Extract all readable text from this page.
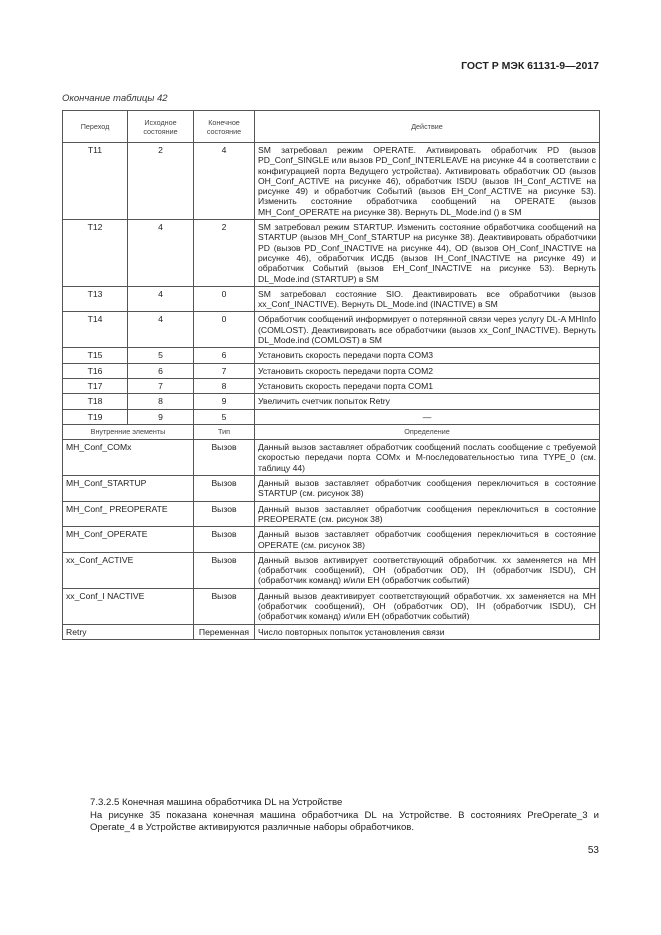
ГОСТ Р МЭК 61131-9—2017
Окончание таблицы 42
Переход	Исходное состояние	Конечное состояние	Действие
T11	2	4	SM затребовал режим OPERATE. Активировать обработчик PD (вызов PD_Conf_SINGLE или вызов PD_Conf_INTERLEAVE на рисунке 44 в соответствии с конфигурацией порта Ведущего устройства). Активировать обработчик OD (вызов OH_Conf_ACTIVE на рисунке 46), обработчик ISDU (вызов IH_Conf_ACTIVE на рисунке 49) и обработчик Событий (вызов EH_Conf_ACTIVE на рисунке 53). Изменить состояние обработчика сообщений на OPERATE (вызов MH_Conf_OPERATE на рисунке 38). Вернуть DL_Mode.ind () в SM
T12	4	2	SM затребовал режим STARTUP. Изменить состояние обработчика сообщений на STARTUP (вызов MH_Conf_STARTUP на рисунке 38). Деактивировать обработчики PD (вызов PD_Conf_INACTIVE на рисунке 44), OD (вызов OH_Conf_INACTIVE на рисунке 46), обработчик ИСДБ (вызов IH_Conf_INACTIVE на рисунке 49) и обработчик Событий (вызов EH_Conf_INACTIVE на рисунке 53). Вернуть DL_Mode.ind (STARTUP) в SM
T13	4	0	SM затребовал состояние SIO. Деактивировать все обработчики (вызов xx_Conf_INACTIVE). Вернуть DL_Mode.ind (INACTIVE) в SM
T14	4	0	Обработчик сообщений информирует о потерянной связи через услугу DL-A MHInfo (COMLOST). Деактивировать все обработчики (вызов xx_Conf_INACTIVE). Вернуть DL_Mode.ind (COMLOST) в SM
T15	5	6	Установить скорость передачи порта COM3
T16	6	7	Установить скорость передачи порта COM2
T17	7	8	Установить скорость передачи порта COM1
T18	8	9	Увеличить счетчик попыток Retry
T19	9	5	—
Внутренние элементы		Тип	Определение
MH_Conf_COMx		Вызов	Данный вызов заставляет обработчик сообщений послать сообщение с требуемой скоростью передачи порта COMx и M-последовательностью типа TYPE_0 (см. таблицу 44)
MH_Conf_STARTUP		Вызов	Данный вызов заставляет обработчик сообщения переключиться в состояние STARTUP (см. рисунок 38)
MH_Conf_ PREOPERATE		Вызов	Данный вызов заставляет обработчик сообщения переключиться в состояние PREOPERATE (см. рисунок 38)
MH_Conf_OPERATE		Вызов	Данный вызов заставляет обработчик сообщения переключиться в состояние OPERATE (см. рисунок 38)
xx_Conf_ACTIVE		Вызов	Данный вызов активирует соответствующий обработчик. xx заменяется на MH (обработчик сообщений), OH (обработчик OD), IH (обработчик ISDU), CH (обработчик команд) и/или EH (обработчик событий)
xx_Conf_I NACTIVE		Вызов	Данный вызов деактивирует соответствующий обработчик. xx заменяется на MH (обработчик сообщений), OH (обработчик OD), IH (обработчик ISDU), CH (обработчик команд) и/или EH (обработчик событий)
Retry		Переменная	Число повторных попыток установления связи
7.3.2.5 Конечная машина обработчика DL на Устройстве
На рисунке 35 показана конечная машина обработчика DL на Устройстве. В состояниях PreOperate_3 и Operate_4 в Устройстве активируются различные наборы обработчиков.
53
